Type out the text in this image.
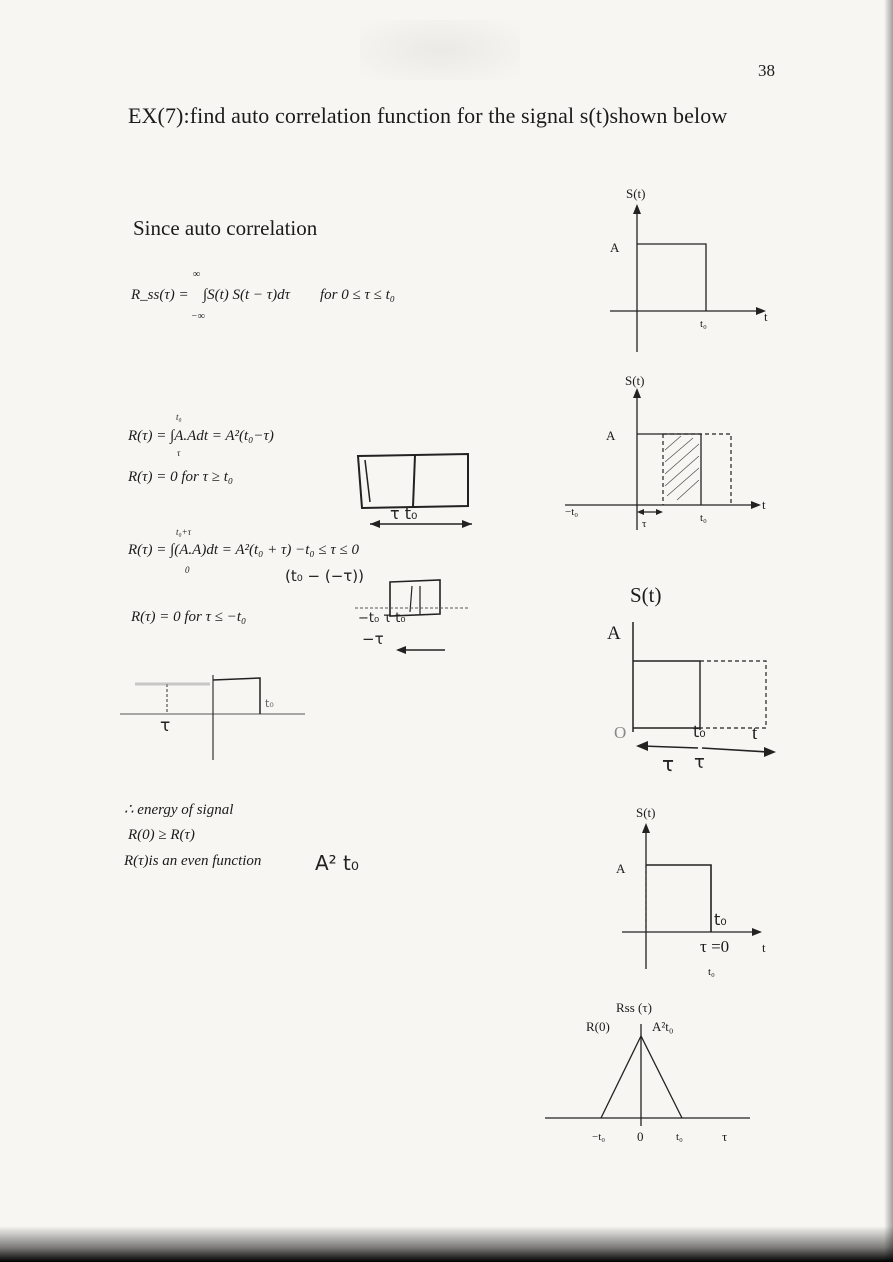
38
EX(7):find auto correlation function for the signal s(t)shown below
Since auto correlation
∞
−∞
R_ss(τ) = ∫S(t) S(t − τ)dτ for 0 ≤ τ ≤ t₀
t₀
τ
R(τ) = ∫A.Adt = A²(t₀−τ)
R(τ) = 0 for τ ≥ t₀
t₀+τ
0
R(τ) = ∫(A.A)dt = A²(t₀ + τ) −t₀ ≤ τ ≤ 0
R(τ) = 0 for τ ≤ −t₀
τ t₀
(t₀ − (−τ))
−t₀ τ t₀
−τ
τ
t₀
∴ energy of signal
R(0) ≥ R(τ)
R(τ)is an even function	A² t₀
S(t)
A
t
t₀
S(t)
A
t
t₀
−t₀
τ
S(t)
A
O	t
t₀
τ τ
S(t)
A
t
τ =0
t₀
t₀
Rss (τ)
R(0)	A²t₀
−t₀ 0	t₀	τ
